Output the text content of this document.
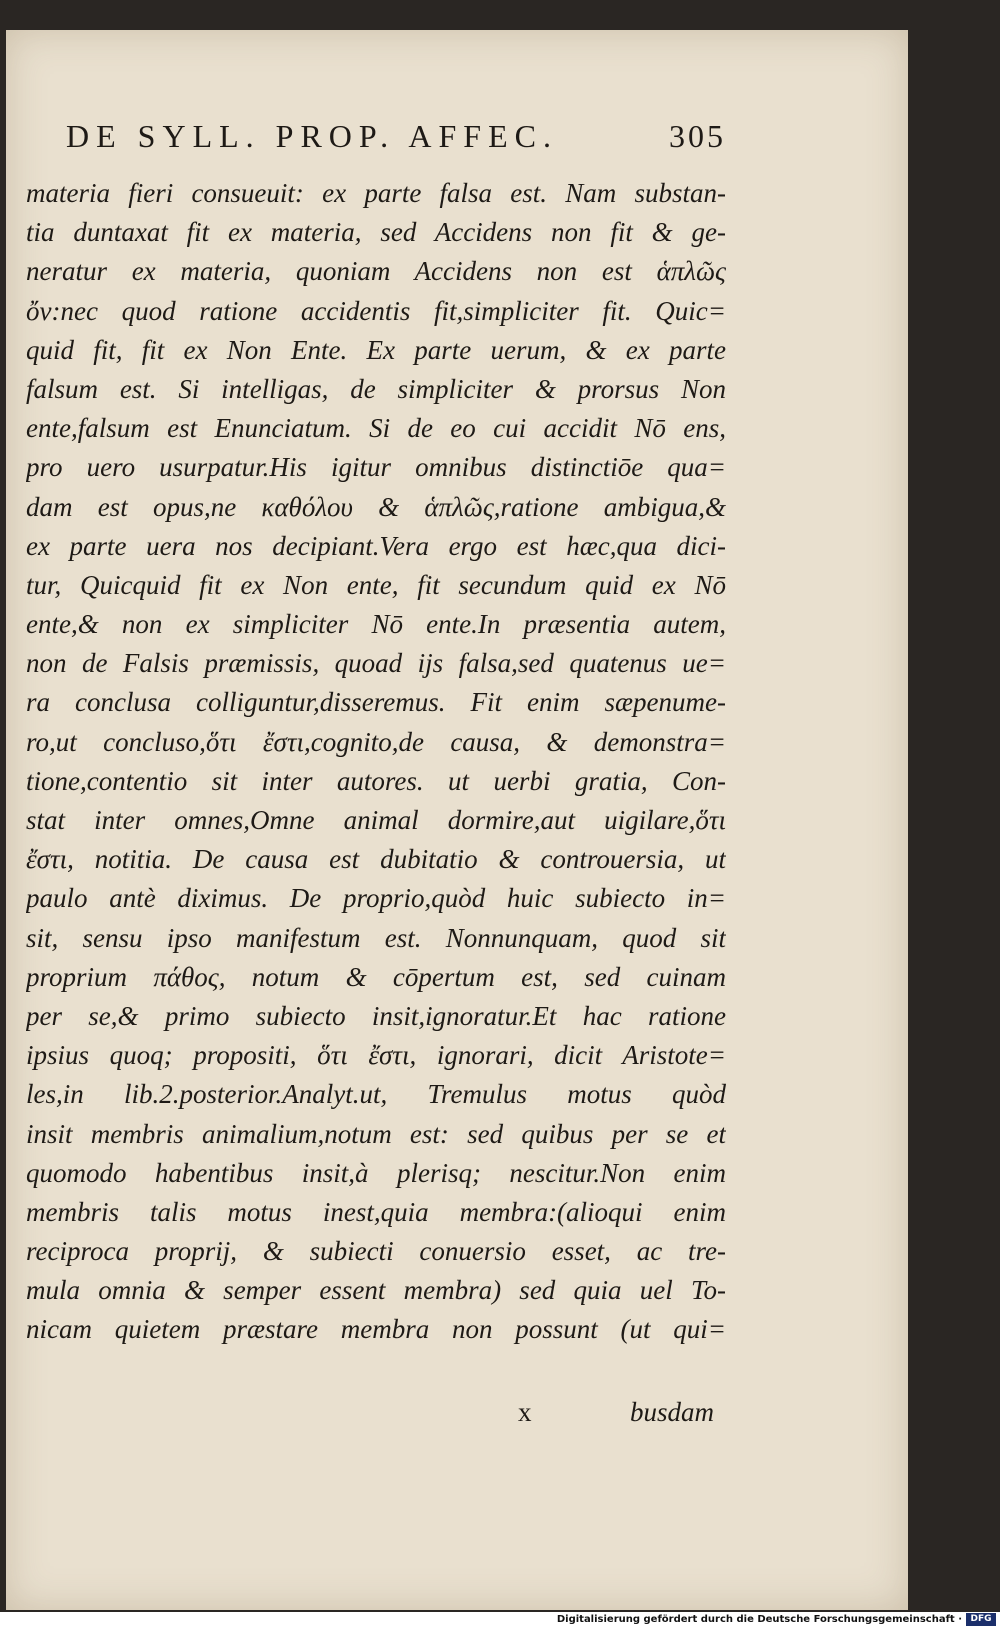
DE SYLL. PROP. AFFEC.	305
materia fieri consueuit: ex parte falsa est. Nam substan-
tia duntaxat fit ex materia, sed Accidens non fit & ge-
neratur ex materia, quoniam Accidens non est ἁπλῶς
ὄν:nec quod ratione accidentis fit,simpliciter fit. Quic=
quid fit, fit ex Non Ente. Ex parte uerum, & ex parte
falsum est. Si intelligas, de simpliciter & prorsus Non
ente,falsum est Enunciatum. Si de eo cui accidit Nō ens,
pro uero usurpatur.His igitur omnibus distinctiōe qua=
dam est opus,ne καθόλου & ἁπλῶς,ratione ambigua,&
ex parte uera nos decipiant.Vera ergo est hæc,qua dici-
tur, Quicquid fit ex Non ente, fit secundum quid ex Nō
ente,& non ex simpliciter Nō ente.In præsentia autem,
non de Falsis præmissis, quoad ijs falsa,sed quatenus ue=
ra conclusa colliguntur,disseremus. Fit enim sæpenume-
ro,ut concluso,ὅτι ἔστι,cognito,de causa, & demonstra=
tione,contentio sit inter autores. ut uerbi gratia, Con-
stat inter omnes,Omne animal dormire,aut uigilare,ὅτι
ἔστι, notitia. De causa est dubitatio & controuersia, ut
paulo antè diximus. De proprio,quòd huic subiecto in=
sit, sensu ipso manifestum est. Nonnunquam, quod sit
proprium πάθος, notum & cōpertum est, sed cuinam
per se,& primo subiecto insit,ignoratur.Et hac ratione
ipsius quoq; propositi, ὅτι ἔστι, ignorari, dicit Aristote=
les,in lib.2.posterior.Analyt.ut, Tremulus motus quòd
insit membris animalium,notum est: sed quibus per se et
quomodo habentibus insit,à plerisq; nescitur.Non enim
membris talis motus inest,quia membra:(alioqui enim
reciproca proprij, & subiecti conuersio esset, ac tre-
mula omnia & semper essent membra) sed quia uel To-
nicam quietem præstare membra non possunt (ut qui=
x	busdam
Digitalisierung gefördert durch die Deutsche Forschungsgemeinschaft · DFG
